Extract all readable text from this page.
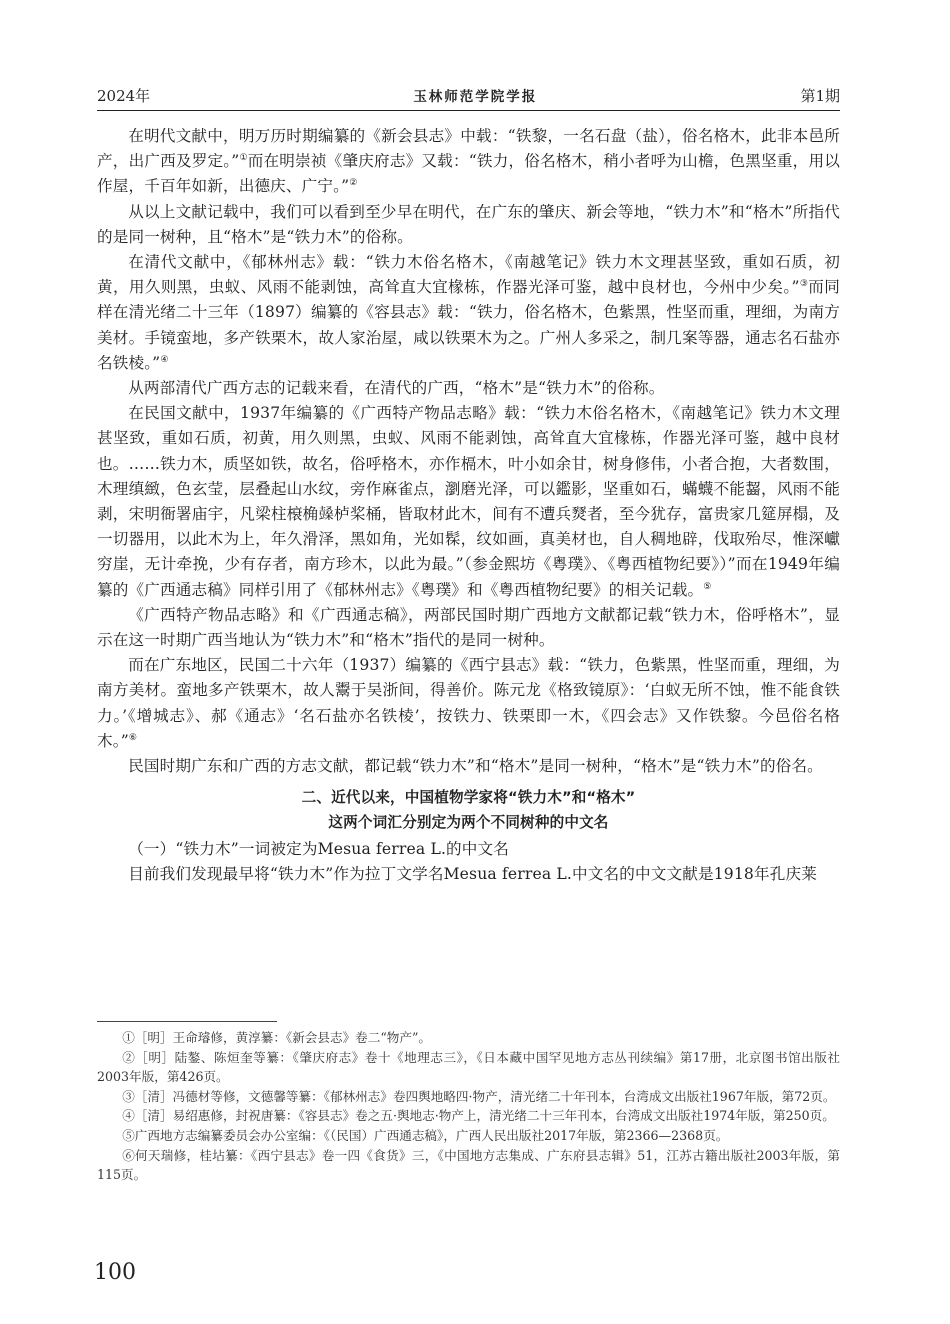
2024年	玉林师范学院学报	第1期

在明代文献中，明万历时期编纂的《新会县志》中载：“铁黎，一名石盘（盐），俗名格木，此非本邑所产，出广西及罗定。”①而在明崇祯《肇庆府志》又载：“铁力，俗名格木，稍小者呼为山檐，色黑坚重，用以作屋，千百年如新，出德庆、广宁。”②

从以上文献记载中，我们可以看到至少早在明代，在广东的肇庆、新会等地，“铁力木”和“格木”所指代的是同一树种，且“格木”是“铁力木”的俗称。

在清代文献中，《郁林州志》载：“铁力木俗名格木，《南越笔记》铁力木文理甚坚致，重如石质，初黄，用久则黑，虫蚁、风雨不能剥蚀，高耸直大宜椽栋，作器光泽可鉴，越中良材也，今州中少矣。”③而同样在清光绪二十三年（1897）编纂的《容县志》载：“铁力，俗名格木，色紫黑，性坚而重，理细，为南方美材。手镜蛮地，多产铁栗木，故人家治屋，咸以铁栗木为之。广州人多采之，制几案等器，通志名石盐亦名铁棱。”④

从两部清代广西方志的记载来看，在清代的广西，“格木”是“铁力木”的俗称。

在民国文献中，1937年编纂的《广西特产物品志略》载：“铁力木俗名格木，《南越笔记》铁力木文理甚坚致，重如石质，初黄，用久则黑，虫蚁、风雨不能剥蚀，高耸直大宜椽栋，作器光泽可鉴，越中良材也。……铁力木，质坚如铁，故名，俗呼格木，亦作槅木，叶小如余甘，树身修伟，小者合抱，大者数围，木理缜緻，色玄莹，层叠起山水纹，旁作麻雀点，瀏磨光泽，可以鑑影，坚重如石，蟎蠛不能齧，风雨不能剥，宋明衙署庙宇，凡梁柱榱桷𣞙栌桨桶，皆取材此木，间有不遭兵燹者，至今犹存，富贵家几筵屏榻，及一切器用，以此木为上，年久滑泽，黑如角，光如髹，纹如画，真美材也，自人稠地辟，伐取殆尽，惟深巘穷崖，无计牵挽，少有存者，南方珍木，以此为最。”（参金熙坊《粤璞》、《粤西植物纪要》）”而在1949年编纂的《广西通志稿》同样引用了《郁林州志》《粤璞》和《粤西植物纪要》的相关记载。⑤

《广西特产物品志略》和《广西通志稿》，两部民国时期广西地方文献都记载“铁力木，俗呼格木”，显示在这一时期广西当地认为“铁力木”和“格木”指代的是同一树种。

而在广东地区，民国二十六年（1937）编纂的《西宁县志》载：“铁力，色紫黑，性坚而重，理细，为南方美材。蛮地多产铁栗木，故人鬻于吴浙间，得善价。陈元龙《格致镜原》：‘白蚁无所不蚀，惟不能食铁力。’《增城志》、郝《通志》‘名石盐亦名铁棱’，按铁力、铁栗即一木，《四会志》又作铁黎。今邑俗名格木。”⑥

民国时期广东和广西的方志文献，都记载“铁力木”和“格木”是同一树种，“格木”是“铁力木”的俗名。

二、近代以来，中国植物学家将“铁力木”和“格木”
这两个词汇分别定为两个不同树种的中文名

（一）“铁力木”一词被定为Mesua ferrea L.的中文名

目前我们发现最早将“铁力木”作为拉丁文学名Mesua ferrea L.中文名的中文文献是1918年孔庆莱

①［明］王命璿修，黄淳纂：《新会县志》卷二“物产”。

②［明］陆鏊、陈烜奎等纂：《肇庆府志》卷十《地理志三》，《日本藏中国罕见地方志丛刊续编》第17册，北京图书馆出版社2003年版，第426页。

③［清］冯德材等修，文德馨等纂：《郁林州志》卷四舆地略四·物产，清光绪二十年刊本，台湾成文出版社1967年版，第72页。

④［清］易绍惠修，封祝唐纂：《容县志》卷之五·舆地志·物产上，清光绪二十三年刊本，台湾成文出版社1974年版，第250页。

⑤广西地方志编纂委员会办公室编：《（民国）广西通志稿》，广西人民出版社2017年版，第2366—2368页。

⑥何天瑞修，桂坫纂：《西宁县志》卷一四《食货》三，《中国地方志集成、广东府县志辑》51，江苏古籍出版社2003年版，第115页。

100
